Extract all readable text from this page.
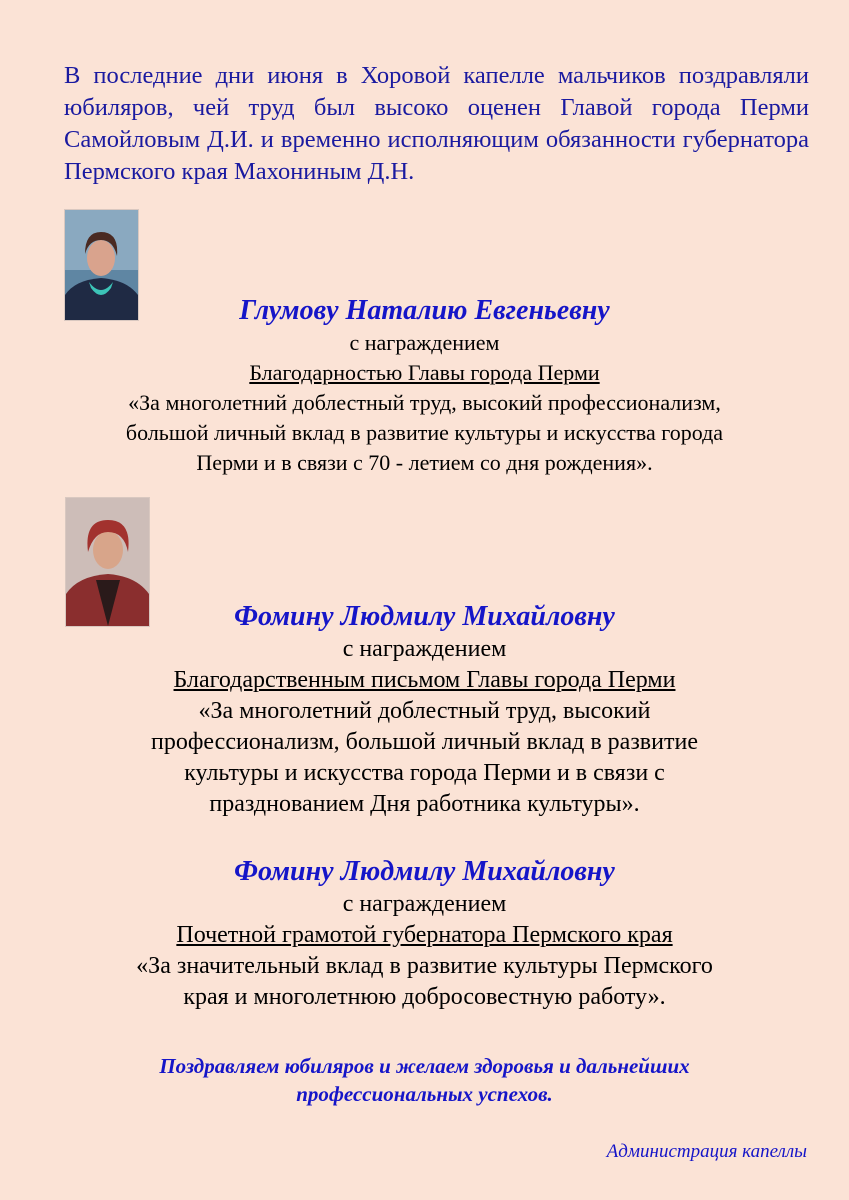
В последние дни июня в Хоровой капелле мальчиков поздравляли юбиляров, чей труд был высоко оценен Главой города Перми Самойловым Д.И. и временно исполняющим обязанности губернатора Пермского края Махониным Д.Н.
Глумову Наталию Евгеньевну
с награждением
Благодарностью Главы города Перми
«За многолетний доблестный труд, высокий профессионализм,
большой личный вклад в развитие культуры и искусства города
Перми и в связи с 70 - летием со дня рождения».
Фомину Людмилу Михайловну
с награждением
Благодарственным письмом Главы города Перми
«За многолетний доблестный труд, высокий
профессионализм, большой личный вклад в развитие
культуры и искусства города Перми и в связи с
празднованием Дня работника культуры».
Фомину Людмилу Михайловну
с награждением
Почетной грамотой губернатора Пермского края
«За значительный вклад в развитие культуры Пермского
края и многолетнюю добросовестную работу».
Поздравляем юбиляров и желаем здоровья и дальнейших
профессиональных успехов.
Администрация капеллы
